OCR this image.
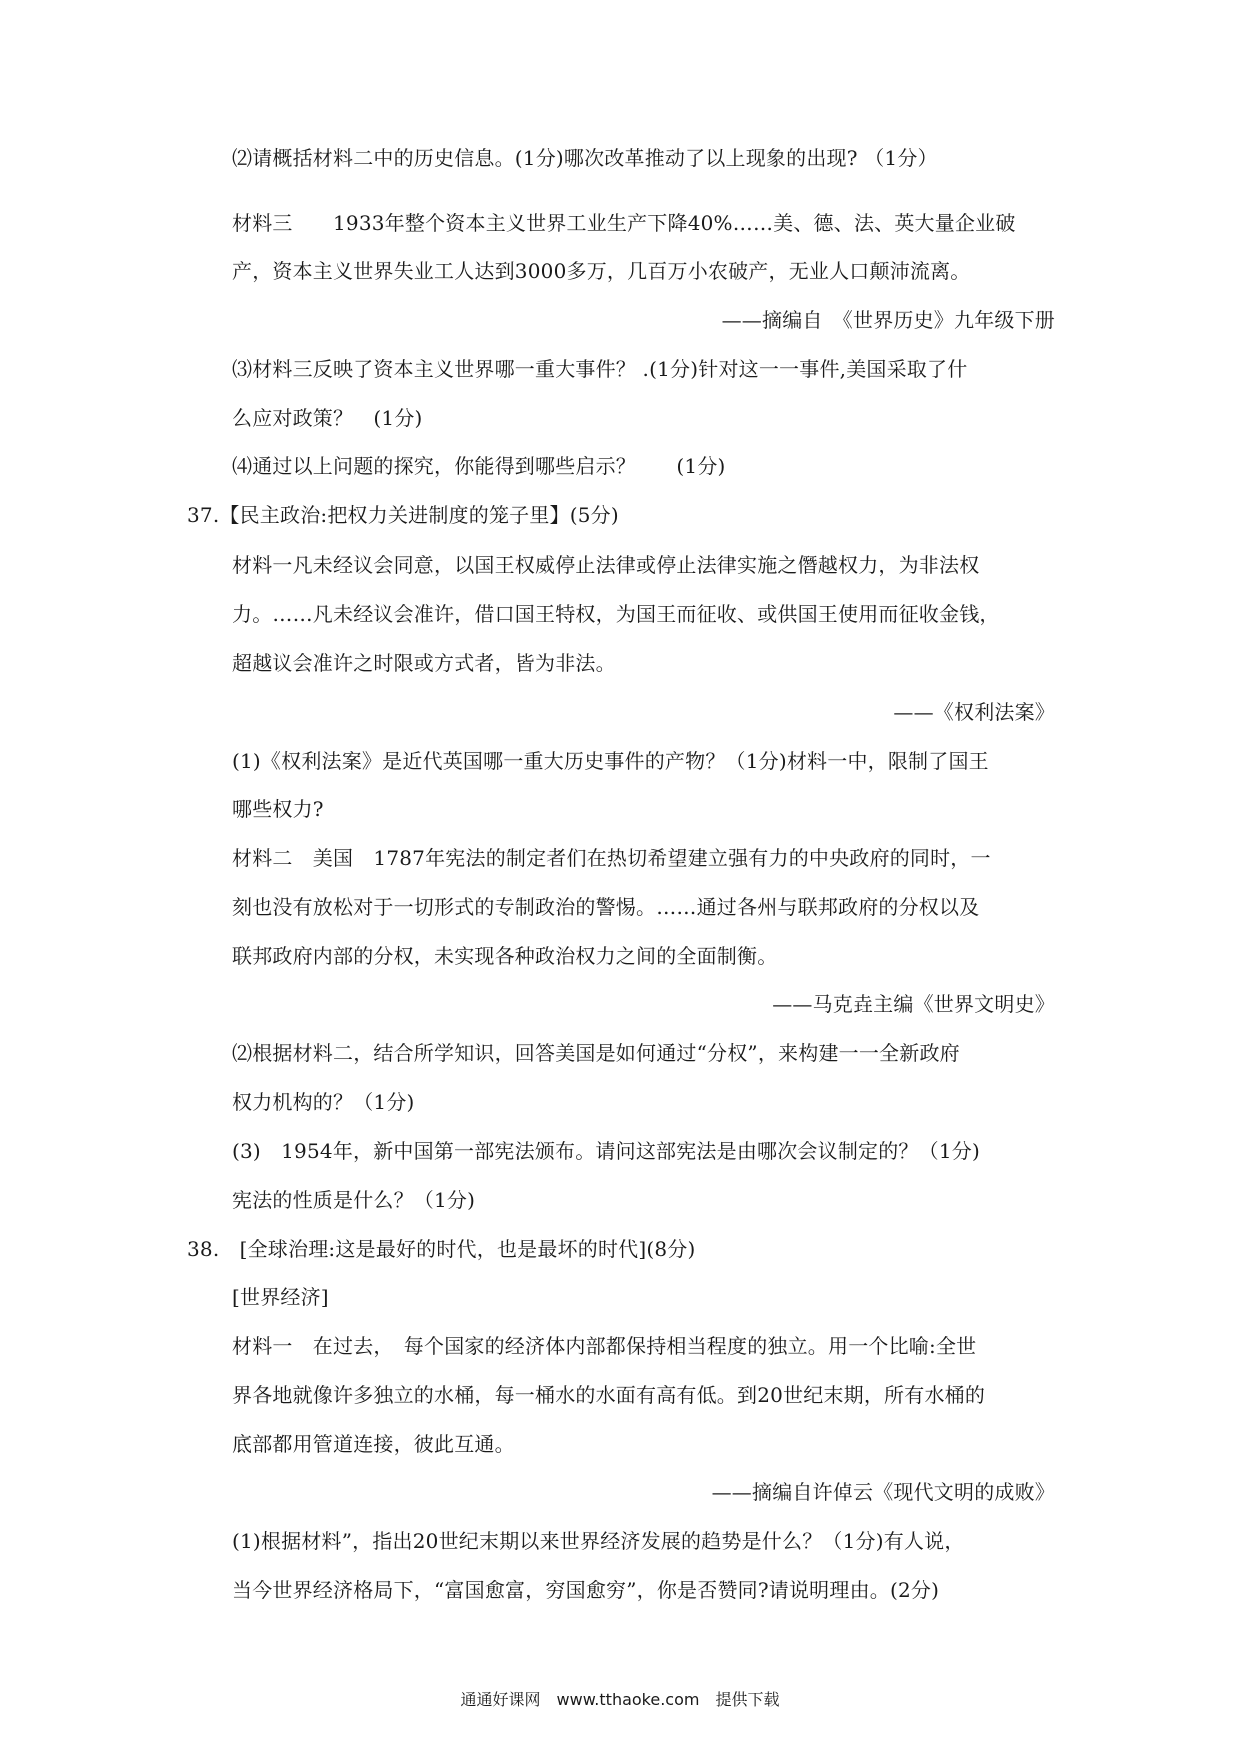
⑵请概括材料二中的历史信息。(1分)哪次改革推动了以上现象的出现? （1分）
材料三　　1933年整个资本主义世界工业生产下降40%……美、德、法、英大量企业破
产，资本主义世界失业工人达到3000多万，几百万小农破产，无业人口颠沛流离。
——摘编自　《世界历史》九年级下册
⑶材料三反映了资本主义世界哪一重大事件？ .(1分)针对这一一事件,美国采取了什
么应对政策？　(1分)
⑷通过以上问题的探究，你能得到哪些启示？　　(1分)
37.【民主政治:把权力关进制度的笼子里】(5分)
材料一凡未经议会同意，以国王权威停止法律或停止法律实施之僭越权力，为非法权
力。……凡未经议会准许，借口国王特权，为国王而征收、或供国王使用而征收金钱，
超越议会准许之时限或方式者，皆为非法。
——《权利法案》
(1)《权利法案》是近代英国哪一重大历史事件的产物？（1分)材料一中，限制了国王
哪些权力?
材料二　美国　1787年宪法的制定者们在热切希望建立强有力的中央政府的同时，一
刻也没有放松对于一切形式的专制政治的警惕。……通过各州与联邦政府的分权以及
联邦政府内部的分权，未实现各种政治权力之间的全面制衡。
——马克垚主编《世界文明史》
⑵根据材料二，结合所学知识，回答美国是如何通过“分权”，来构建一一全新政府
权力机构的？（1分)
(3)　1954年，新中国第一部宪法颁布。请问这部宪法是由哪次会议制定的？（1分)
宪法的性质是什么？（1分)
38.　[全球治理:这是最好的时代，也是最坏的时代](8分)
[世界经济]
材料一　在过去，　每个国家的经济体内部都保持相当程度的独立。用一个比喻:全世
界各地就像许多独立的水桶，每一桶水的水面有高有低。到20世纪末期，所有水桶的
底部都用管道连接，彼此互通。
——摘编自许倬云《现代文明的成败》
(1)根据材料”，指出20世纪末期以来世界经济发展的趋势是什么？（1分)有人说，
当今世界经济格局下，“富国愈富，穷国愈穷”，你是否赞同?请说明理由。(2分)
通通好课网　www.tthaoke.com　提供下载
